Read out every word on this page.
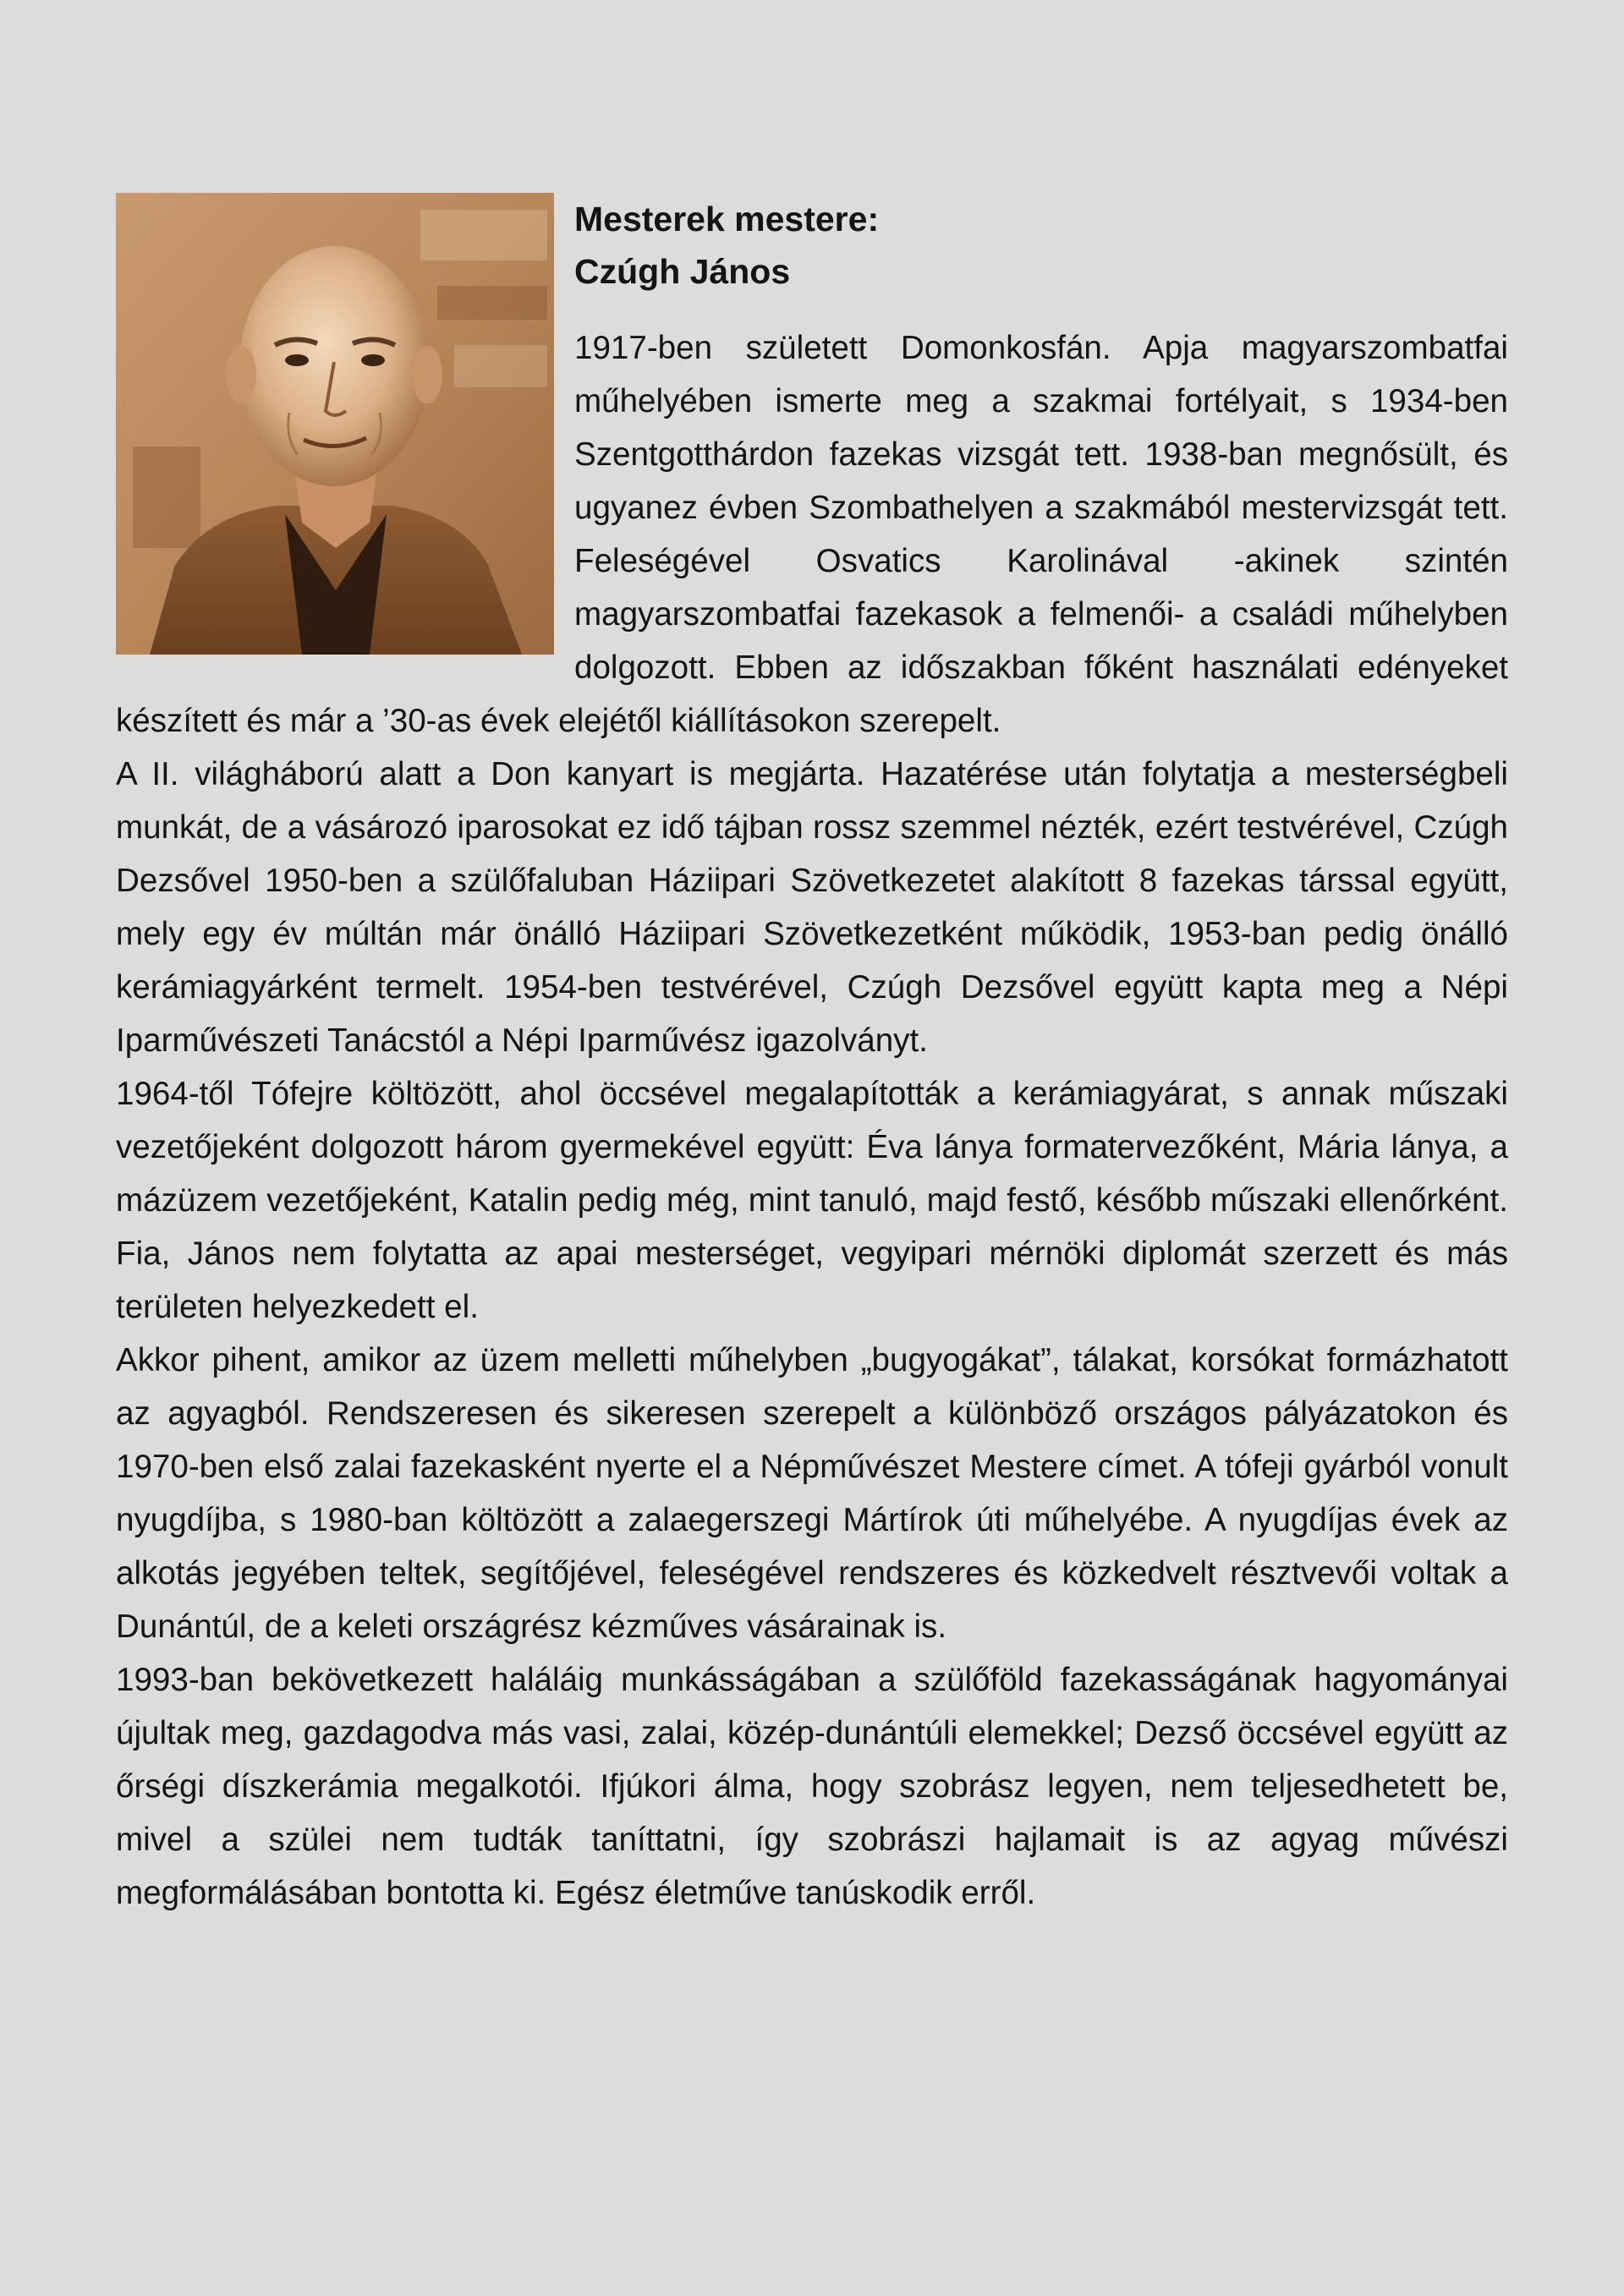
Mesterek mestere:
Czúgh János

1917-ben született Domonkosfán. Apja magyarszombatfai műhelyében ismerte meg a szakmai fortélyait, s 1934-ben Szentgotthárdon fazekas vizsgát tett. 1938-ban megnősült, és ugyanez évben Szombathelyen a szakmából mestervizsgát tett. Feleségével Osvatics Karolinával -akinek szintén magyarszombatfai fazekasok a felmenői- a családi műhelyben dolgozott. Ebben az időszakban főként használati edényeket készített és már a ’30-as évek elejétől kiállításokon szerepelt.

A II. világháború alatt a Don kanyart is megjárta. Hazatérése után folytatja a mesterségbeli munkát, de a vásározó iparosokat ez idő tájban rossz szemmel nézték, ezért testvérével, Czúgh Dezsővel 1950-ben a szülőfaluban Háziipari Szövetkezetet alakított 8 fazekas társsal együtt, mely egy év múltán már önálló Háziipari Szövetkezetként működik, 1953-ban pedig önálló kerámiagyárként termelt. 1954-ben testvérével, Czúgh Dezsővel együtt kapta meg a Népi Iparművészeti Tanácstól a Népi Iparművész igazolványt.

1964-től Tófejre költözött, ahol öccsével megalapították a kerámiagyárat, s annak műszaki vezetőjeként dolgozott három gyermekével együtt: Éva lánya formatervezőként, Mária lánya, a mázüzem vezetőjeként, Katalin pedig még, mint tanuló, majd festő, később műszaki ellenőrként. Fia, János nem folytatta az apai mesterséget, vegyipari mérnöki diplomát szerzett és más területen helyezkedett el.

Akkor pihent, amikor az üzem melletti műhelyben „bugyogákat”, tálakat, korsókat formázhatott az agyagból. Rendszeresen és sikeresen szerepelt a különböző országos pályázatokon és 1970-ben első zalai fazekasként nyerte el a Népművészet Mestere címet. A tófeji gyárból vonult nyugdíjba, s 1980-ban költözött a zalaegerszegi Mártírok úti műhelyébe. A nyugdíjas évek az alkotás jegyében teltek, segítőjével, feleségével rendszeres és közkedvelt résztvevői voltak a Dunántúl, de a keleti országrész kézműves vásárainak is.

1993-ban bekövetkezett haláláig munkásságában a szülőföld fazekasságának hagyományai újultak meg, gazdagodva más vasi, zalai, közép-dunántúli elemekkel; Dezső öccsével együtt az őrségi díszkerámia megalkotói. Ifjúkori álma, hogy szobrász legyen, nem teljesedhetett be, mivel a szülei nem tudták taníttatni, így szobrászi hajlamait is az agyag művészi megformálásában bontotta ki. Egész életműve tanúskodik erről.
